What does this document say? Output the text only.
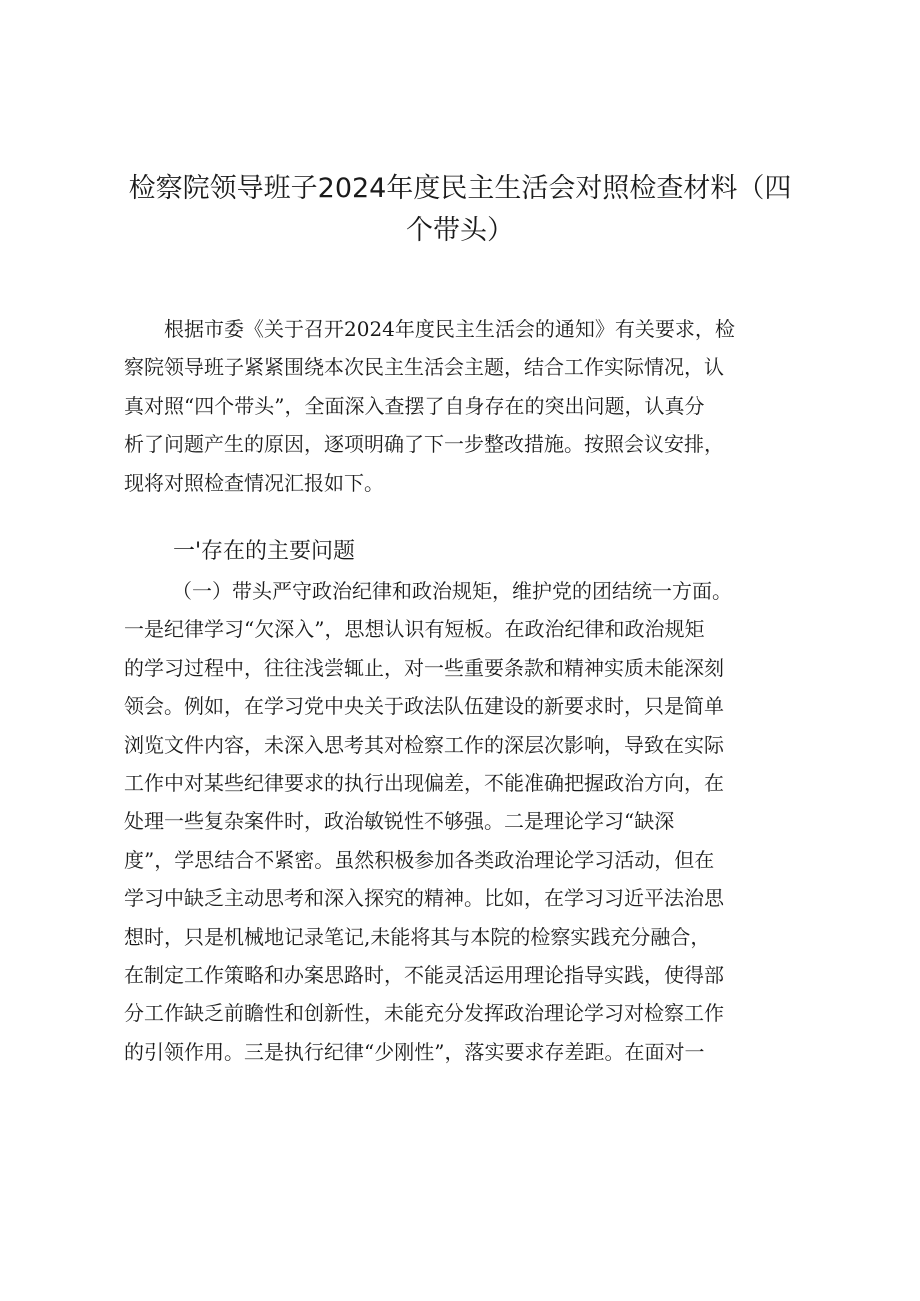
检察院领导班子2024年度民主生活会对照检查材料（四
个带头）
根据市委《关于召开2024年度民主生活会的通知》有关要求，检
察院领导班子紧紧围绕本次民主生活会主题，结合工作实际情况，认
真对照“四个带头”，全面深入查摆了自身存在的突出问题，认真分
析了问题产生的原因，逐项明确了下一步整改措施。按照会议安排，
现将对照检查情况汇报如下。
一'存在的主要问题
（一）带头严守政治纪律和政治规矩，维护党的团结统一方面。
一是纪律学习“欠深入”，思想认识有短板。在政治纪律和政治规矩
的学习过程中，往往浅尝辄止，对一些重要条款和精神实质未能深刻
领会。例如，在学习党中央关于政法队伍建设的新要求时，只是简单
浏览文件内容，未深入思考其对检察工作的深层次影响，导致在实际
工作中对某些纪律要求的执行出现偏差，不能准确把握政治方向，在
处理一些复杂案件时，政治敏锐性不够强。二是理论学习“缺深
度”，学思结合不紧密。虽然积极参加各类政治理论学习活动，但在
学习中缺乏主动思考和深入探究的精神。比如，在学习习近平法治思
想时，只是机械地记录笔记,未能将其与本院的检察实践充分融合，
在制定工作策略和办案思路时，不能灵活运用理论指导实践，使得部
分工作缺乏前瞻性和创新性，未能充分发挥政治理论学习对检察工作
的引领作用。三是执行纪律“少刚性”，落实要求存差距。在面对一
